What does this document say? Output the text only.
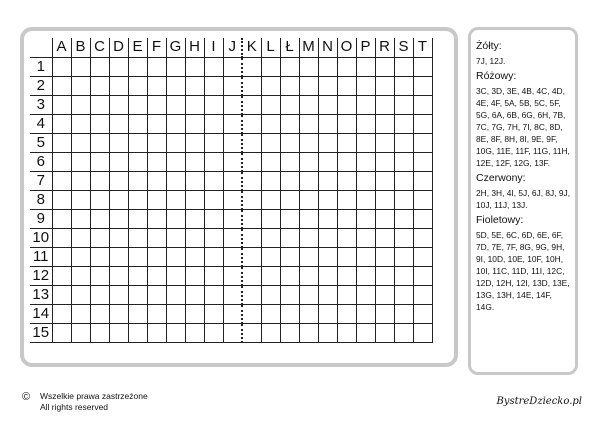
	A	B	C	D	E	F	G	H	I	J	K	L	Ł	M	N	O	P	R	S	T
1																				
2																				
3																				
4																				
5																				
6																				
7																				
8																				
9																				
10																				
11																				
12																				
13																				
14																				
15																				
Żółty:
7J, 12J.
Różowy:
3C, 3D, 3E, 4B, 4C, 4D, 4E, 4F, 5A, 5B, 5C, 5F, 5G, 6A, 6B, 6G, 6H, 7B, 7C, 7G, 7H, 7I, 8C, 8D, 8E, 8F, 8H, 8I, 9E, 9F, 10G, 11E, 11F, 11G, 11H, 12E, 12F, 12G, 13F.
Czerwony:
2H, 3H, 4I, 5J, 6J, 8J, 9J, 10J, 11J, 13J.
Fioletowy:
5D, 5E, 6C, 6D, 6E, 6F, 7D, 7E, 7F, 8G, 9G, 9H, 9I, 10D, 10E, 10F, 10H, 10I, 11C, 11D, 11I, 12C, 12D, 12H, 12I, 13D, 13E, 13G, 13H, 14E, 14F, 14G.
© Wszelkie prawa zastrzeżone
All rights reserved	BystreDziecko.pl
